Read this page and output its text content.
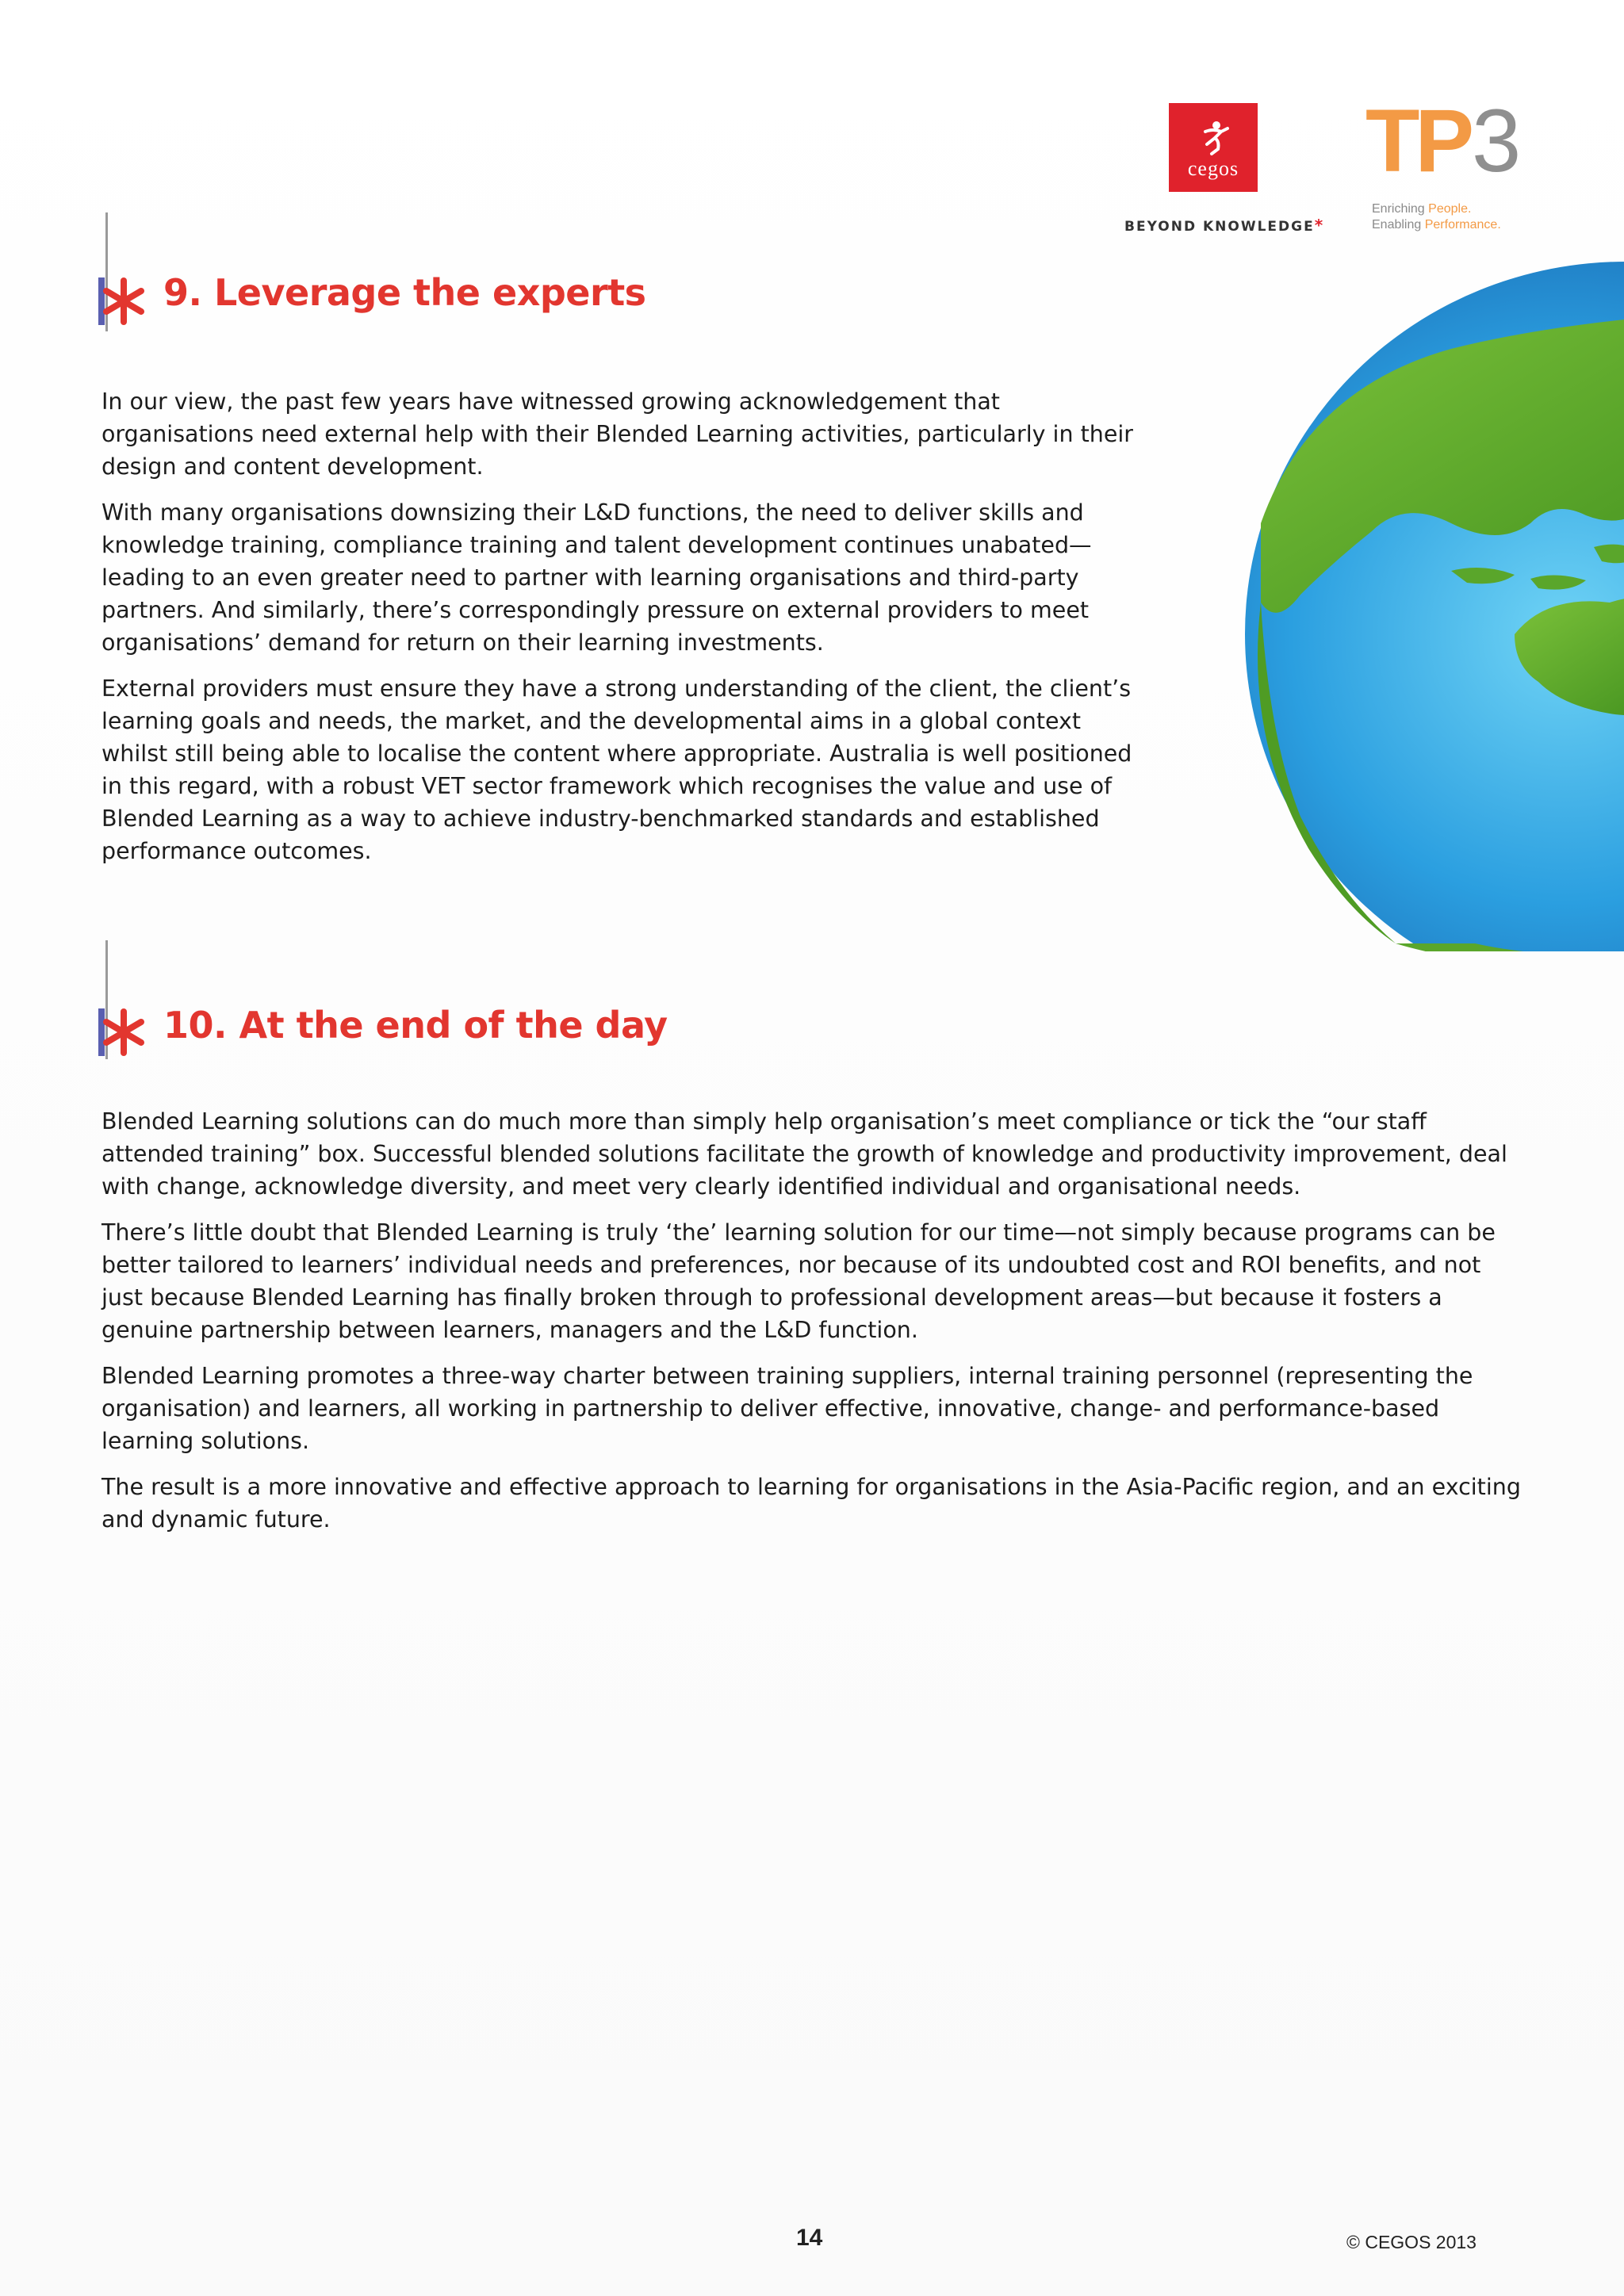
cegos
BEYOND KNOWLEDGE*
TP 3
Enriching People.
Enabling Performance.
9. Leverage the experts

In our view, the past few years have witnessed growing acknowledgement that organisations need external help with their Blended Learning activities, particularly in their design and content development.

With many organisations downsizing their L&D functions, the need to deliver skills and knowledge training, compliance training and talent development continues unabated—leading to an even greater need to partner with learning organisations and third-party partners. And similarly, there’s correspondingly pressure on external providers to meet organisations’ demand for return on their learning investments.

External providers must ensure they have a strong understanding of the client, the client’s learning goals and needs, the market, and the developmental aims in a global context whilst still being able to localise the content where appropriate. Australia is well positioned in this regard, with a robust VET sector framework which recognises the value and use of Blended Learning as a way to achieve industry-benchmarked standards and established performance outcomes.

10. At the end of the day

Blended Learning solutions can do much more than simply help organisation’s meet compliance or tick the “our staff attended training” box. Successful blended solutions facilitate the growth of knowledge and productivity improvement, deal with change, acknowledge diversity, and meet very clearly identified individual and organisational needs.

There’s little doubt that Blended Learning is truly ‘the’ learning solution for our time—not simply because programs can be better tailored to learners’ individual needs and preferences, nor because of its undoubted cost and ROI benefits, and not just because Blended Learning has finally broken through to professional development areas—but because it fosters a genuine partnership between learners, managers and the L&D function.

Blended Learning promotes a three-way charter between training suppliers, internal training personnel (representing the organisation) and learners, all working in partnership to deliver effective, innovative, change- and performance-based learning solutions.

The result is a more innovative and effective approach to learning for organisations in the Asia-Pacific region, and an exciting and dynamic future.

14	© CEGOS 2013
